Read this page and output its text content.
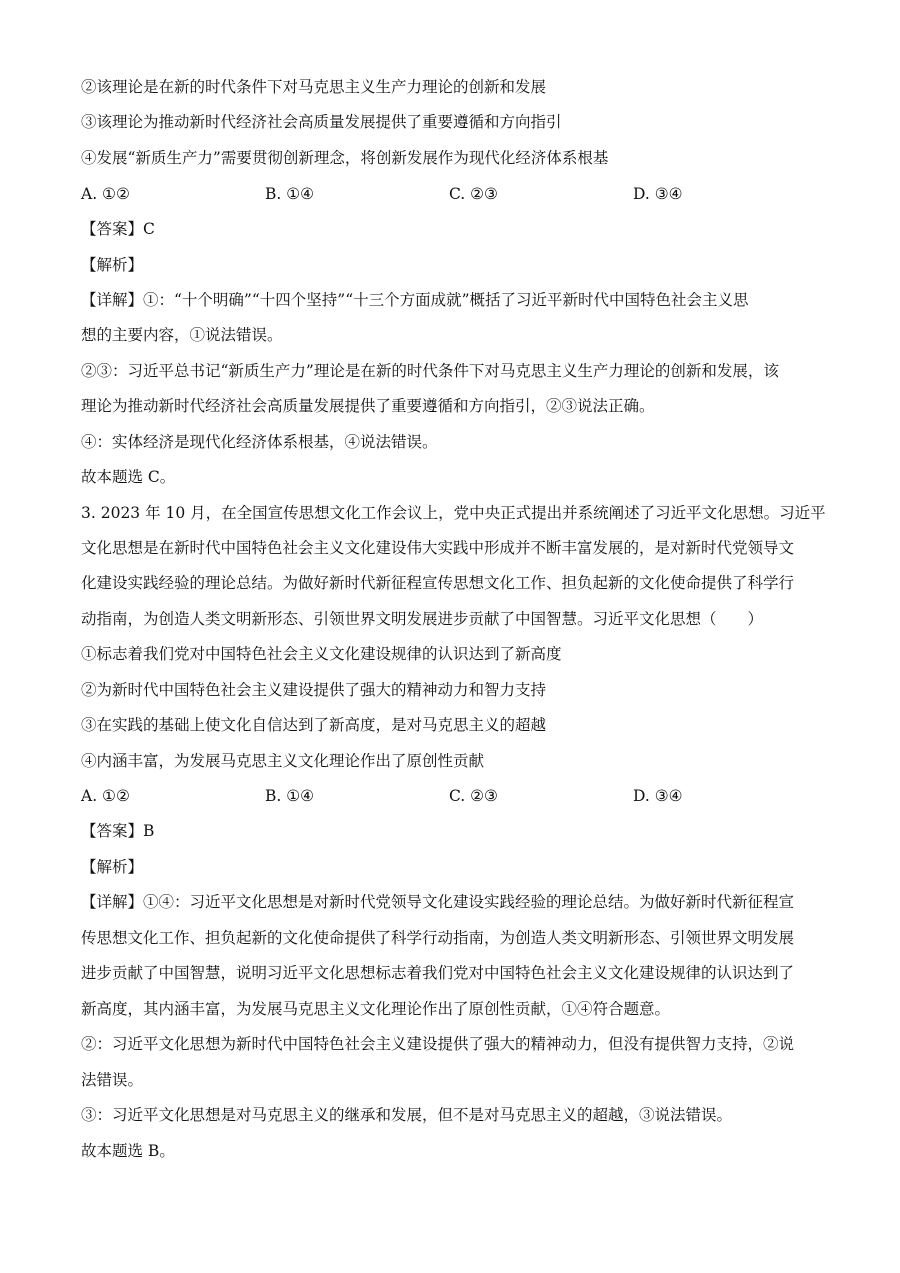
②该理论是在新的时代条件下对马克思主义生产力理论的创新和发展
③该理论为推动新时代经济社会高质量发展提供了重要遵循和方向指引
④发展“新质生产力”需要贯彻创新理念，将创新发展作为现代化经济体系根基
A. ①②	B. ①④	C. ②③	D. ③④
【答案】C
【解析】
【详解】①：“十个明确”“十四个坚持”“十三个方面成就”概括了习近平新时代中国特色社会主义思
想的主要内容，①说法错误。
②③：习近平总书记“新质生产力”理论是在新的时代条件下对马克思主义生产力理论的创新和发展，该
理论为推动新时代经济社会高质量发展提供了重要遵循和方向指引，②③说法正确。
④：实体经济是现代化经济体系根基，④说法错误。
故本题选 C。
3. 2023 年 10 月，在全国宣传思想文化工作会议上，党中央正式提出并系统阐述了习近平文化思想。习近平
文化思想是在新时代中国特色社会主义文化建设伟大实践中形成并不断丰富发展的，是对新时代党领导文
化建设实践经验的理论总结。为做好新时代新征程宣传思想文化工作、担负起新的文化使命提供了科学行
动指南，为创造人类文明新形态、引领世界文明发展进步贡献了中国智慧。习近平文化思想（　　）
①标志着我们党对中国特色社会主义文化建设规律的认识达到了新高度
②为新时代中国特色社会主义建设提供了强大的精神动力和智力支持
③在实践的基础上使文化自信达到了新高度，是对马克思主义的超越
④内涵丰富，为发展马克思主义文化理论作出了原创性贡献
A. ①②	B. ①④	C. ②③	D. ③④
【答案】B
【解析】
【详解】①④：习近平文化思想是对新时代党领导文化建设实践经验的理论总结。为做好新时代新征程宣
传思想文化工作、担负起新的文化使命提供了科学行动指南，为创造人类文明新形态、引领世界文明发展
进步贡献了中国智慧，说明习近平文化思想标志着我们党对中国特色社会主义文化建设规律的认识达到了
新高度，其内涵丰富，为发展马克思主义文化理论作出了原创性贡献，①④符合题意。
②：习近平文化思想为新时代中国特色社会主义建设提供了强大的精神动力，但没有提供智力支持，②说
法错误。
③：习近平文化思想是对马克思主义的继承和发展，但不是对马克思主义的超越，③说法错误。
故本题选 B。
